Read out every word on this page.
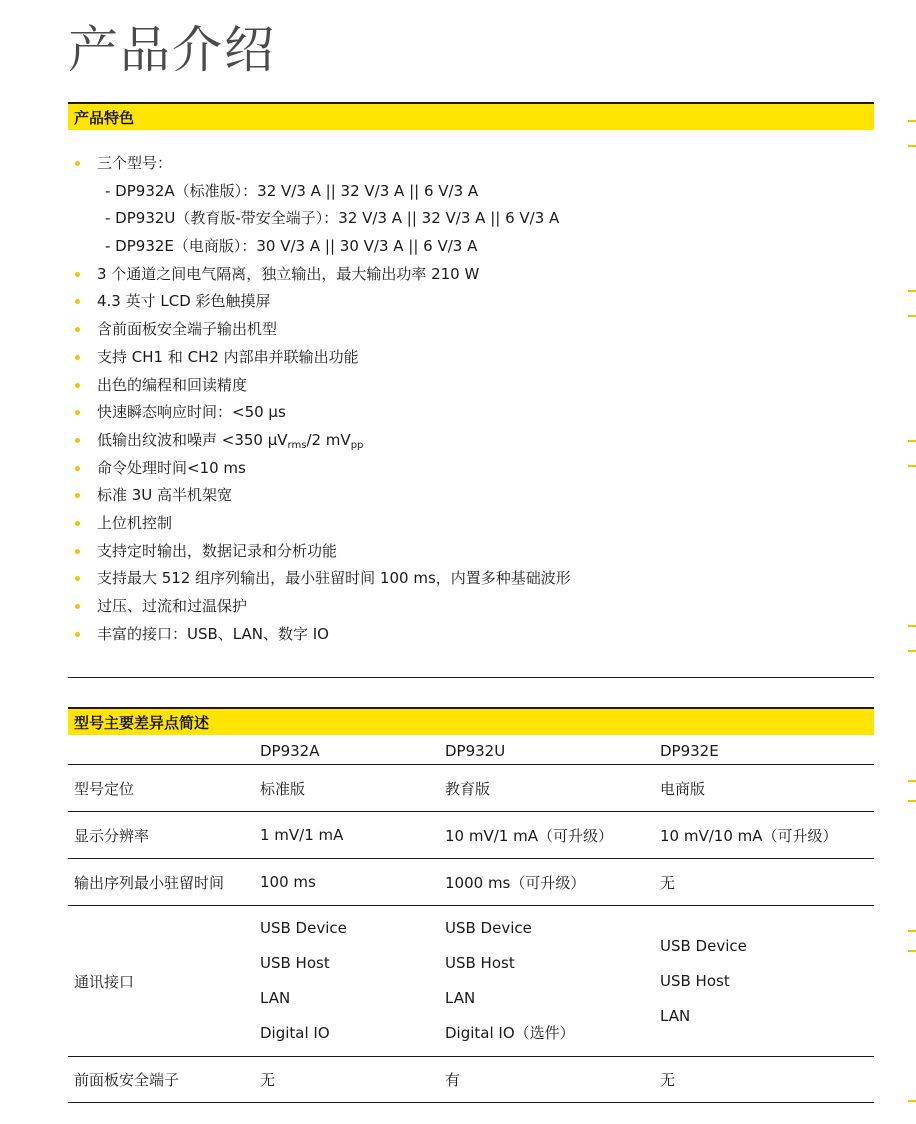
产品介绍
产品特色
三个型号：
- DP932A（标准版）：32 V/3 A || 32 V/3 A || 6 V/3 A
- DP932U（教育版-带安全端子）：32 V/3 A || 32 V/3 A || 6 V/3 A
- DP932E（电商版）：30 V/3 A || 30 V/3 A || 6 V/3 A
3 个通道之间电气隔离，独立输出，最大输出功率 210 W
4.3 英寸 LCD 彩色触摸屏
含前面板安全端子输出机型
支持 CH1 和 CH2 内部串并联输出功能
出色的编程和回读精度
快速瞬态响应时间：<50 μs
低输出纹波和噪声 <350 $\mu V_{rms}/2$ $mV_{pp}$
命令处理时间<10 ms
标准 3U 高半机架宽
上位机控制
支持定时输出，数据记录和分析功能
支持最大 512 组序列输出，最小驻留时间 100 ms，内置多种基础波形
过压、过流和过温保护
丰富的接口：USB、LAN、数字 IO
型号主要差异点简述
	DP932A	DP932U	DP932E
型号定位	标准版	教育版	电商版
显示分辨率	1 mV/1 mA	10 mV/1 mA（可升级）	10 mV/10 mA（可升级）
输出序列最小驻留时间	100 ms	1000 ms（可升级）	无
通讯接口	USB Device
USB Host
LAN
Digital IO	USB Device
USB Host
LAN
Digital IO（选件）	USB Device
USB Host
LAN

前面板安全端子	无	有	无
